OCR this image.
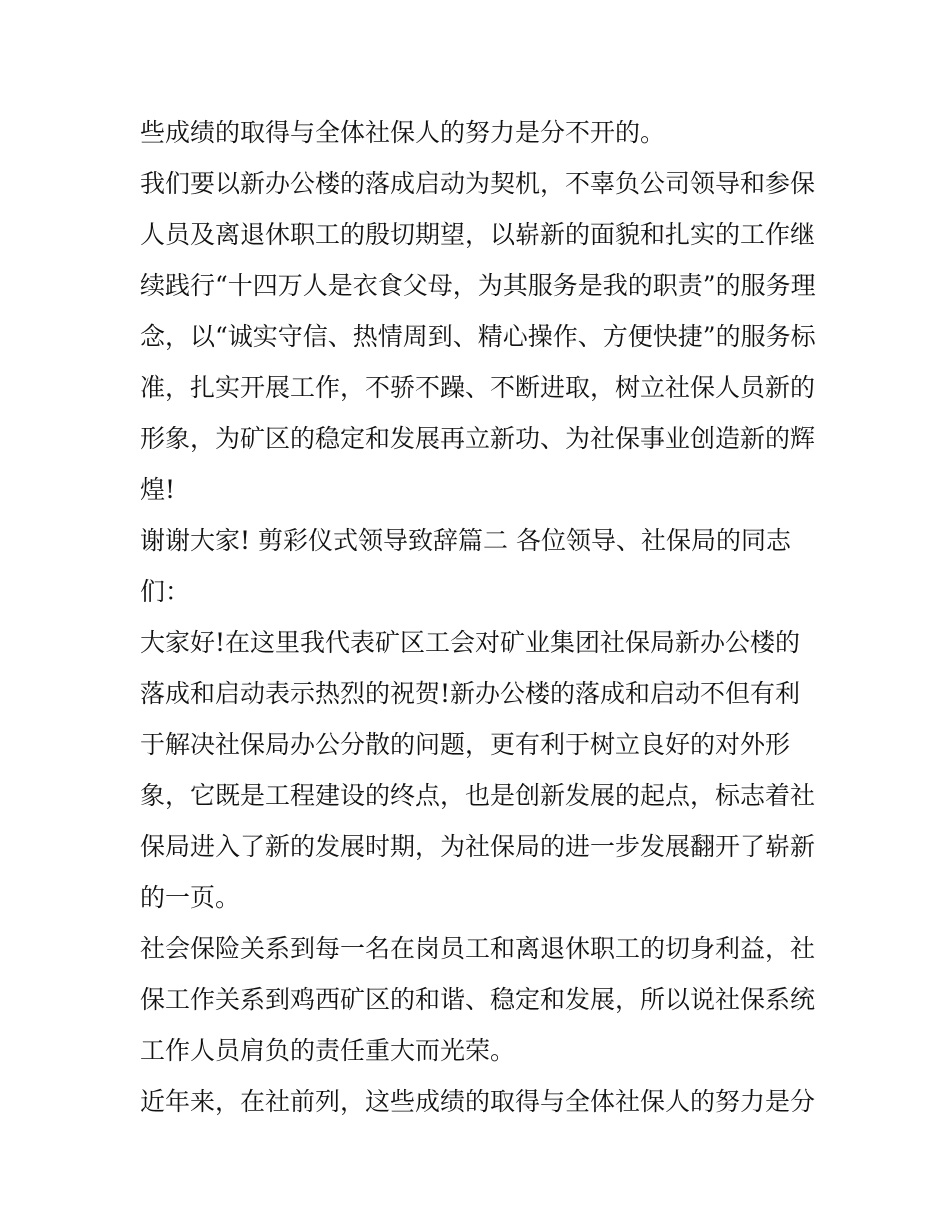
些成绩的取得与全体社保人的努力是分不开的。
我们要以新办公楼的落成启动为契机，不辜负公司领导和参保
人员及离退休职工的殷切期望，以崭新的面貌和扎实的工作继
续践行“十四万人是衣食父母，为其服务是我的职责”的服务理
念，以“诚实守信、热情周到、精心操作、方便快捷”的服务标
准，扎实开展工作，不骄不躁、不断进取，树立社保人员新的
形象，为矿区的稳定和发展再立新功、为社保事业创造新的辉
煌!
谢谢大家! 剪彩仪式领导致辞篇二 各位领导、社保局的同志
们：
大家好!在这里我代表矿区工会对矿业集团社保局新办公楼的
落成和启动表示热烈的祝贺!新办公楼的落成和启动不但有利
于解决社保局办公分散的问题，更有利于树立良好的对外形
象，它既是工程建设的终点，也是创新发展的起点，标志着社
保局进入了新的发展时期，为社保局的进一步发展翻开了崭新
的一页。
社会保险关系到每一名在岗员工和离退休职工的切身利益，社
保工作关系到鸡西矿区的和谐、稳定和发展，所以说社保系统
工作人员肩负的责任重大而光荣。
近年来，在社前列，这些成绩的取得与全体社保人的努力是分
